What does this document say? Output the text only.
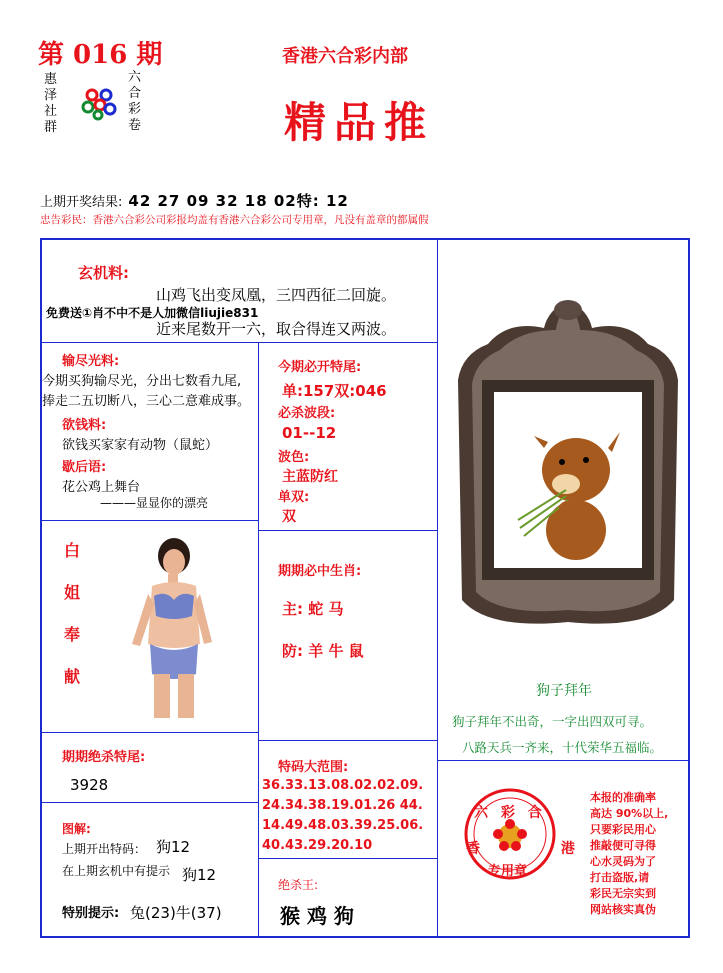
第 016 期
惠泽社群
六合彩卷
香港六合彩内部
精品推
上期开奖结果: 42 27 09 32 18 02特: 12
忠告彩民：香港六合彩公司彩报均盖有香港六合彩公司专用章，凡没有盖章的都属假
玄机料:
山鸡飞出变凤凰，三四西征二回旋。
免费送①肖不中不是人加微信liujie831
近来尾数开一六，取合得连又两波。
输尽光料:
今期买狗输尽光，分出七数看九尾,
捧走二五切断八，三心二意难成事。
欲钱料:
欲钱买家家有动物（鼠蛇）
歇后语:
花公鸡上舞台
———显显你的漂亮
白
姐
奉
献
今期必开特尾:
单:157双:046
必杀波段:
01--12
波色:
主蓝防红
单双:
双
期期必中生肖:
主: 蛇 马
防: 羊 牛 鼠
狗子拜年
狗子拜年不出奇，一字出四双可寻。
八路天兵一齐来，十代荣华五福临。
期期绝杀特尾:
3928
特码大范围:
36.33.13.08.02.02.09.
24.34.38.19.01.26 44.
14.49.48.03.39.25.06.
40.43.29.20.10
图解:
上期开出特码： 狗12
在上期玄机中有提示 狗12
特别提示: 兔(23)牛(37)
绝杀王:
猴 鸡 狗
六 彩 合
香 港
专用章
本报的准确率
高达 90%以上,
只要彩民用心
推敲便可寻得
心水灵码为了
打击盗版,请
彩民无宗实到
网站核实真伪
